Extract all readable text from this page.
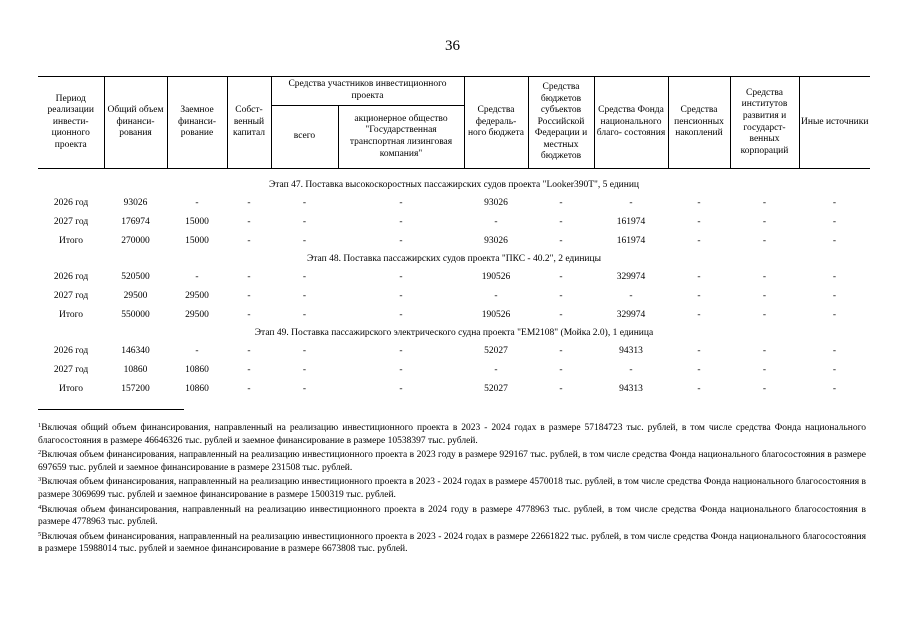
36
Период реализации инвести- ционного проекта	Общий объем финанси- рования	Заемное финанси- рование	Собст- венный капитал	Средства участников инвестиционного проекта		Средства федераль- ного бюджета	Средства бюджетов субъектов Российской Федерации и местных бюджетов	Средства Фонда национального благо- состояния	Средства пенсионных накоплений	Средства институтов развития и государст- венных корпораций	Иные источники
				всего	акционерное общество "Государственная транспортная лизинговая компания"						

Этап 47. Поставка высокоскоростных пассажирских судов проекта "Looker390T", 5 единиц											
2026 год	93026	-	-	-	-	93026	-	-	-	-	-
2027 год	176974	15000	-	-	-	-	-	161974	-	-	-
Итого	270000	15000	-	-	-	93026	-	161974	-	-	-
Этап 48. Поставка пассажирских судов проекта "ПКС - 40.2", 2 единицы											
2026 год	520500	-	-	-	-	190526	-	329974	-	-	-
2027 год	29500	29500	-	-	-	-	-	-	-	-	-
Итого	550000	29500	-	-	-	190526	-	329974	-	-	-
Этап 49. Поставка пассажирского электрического судна проекта "EM2108" (Мойка 2.0), 1 единица											
2026 год	146340	-	-	-	-	52027	-	94313	-	-	-
2027 год	10860	10860	-	-	-	-	-	-	-	-	-
Итого	157200	10860	-	-	-	52027	-	94313	-	-	-

$^1$Включая общий объем финансирования, направленный на реализацию инвестиционного проекта в 2023 - 2024 годах в размере 57184723 тыс. рублей, в том числе средства Фонда национального благосостояния в размере 46646326 тыс. рублей и заемное финансирование в размере 10538397 тыс. рублей.

$^2$Включая объем финансирования, направленный на реализацию инвестиционного проекта в 2023 году в размере 929167 тыс. рублей, в том числе средства Фонда национального благосостояния в размере 697659 тыс. рублей и заемное финансирование в размере 231508 тыс. рублей.

$^3$Включая объем финансирования, направленный на реализацию инвестиционного проекта в 2023 - 2024 годах в размере 4570018 тыс. рублей, в том числе средства Фонда национального благосостояния в размере 3069699 тыс. рублей и заемное финансирование в размере 1500319 тыс. рублей.

$^4$Включая объем финансирования, направленный на реализацию инвестиционного проекта в 2024 году в размере 4778963 тыс. рублей, в том числе средства Фонда национального благосостояния в размере 4778963 тыс. рублей.

$^5$Включая объем финансирования, направленный на реализацию инвестиционного проекта в 2023 - 2024 годах в размере 22661822 тыс. рублей, в том числе средства Фонда национального благосостояния в размере 15988014 тыс. рублей и заемное финансирование в размере 6673808 тыс. рублей.
